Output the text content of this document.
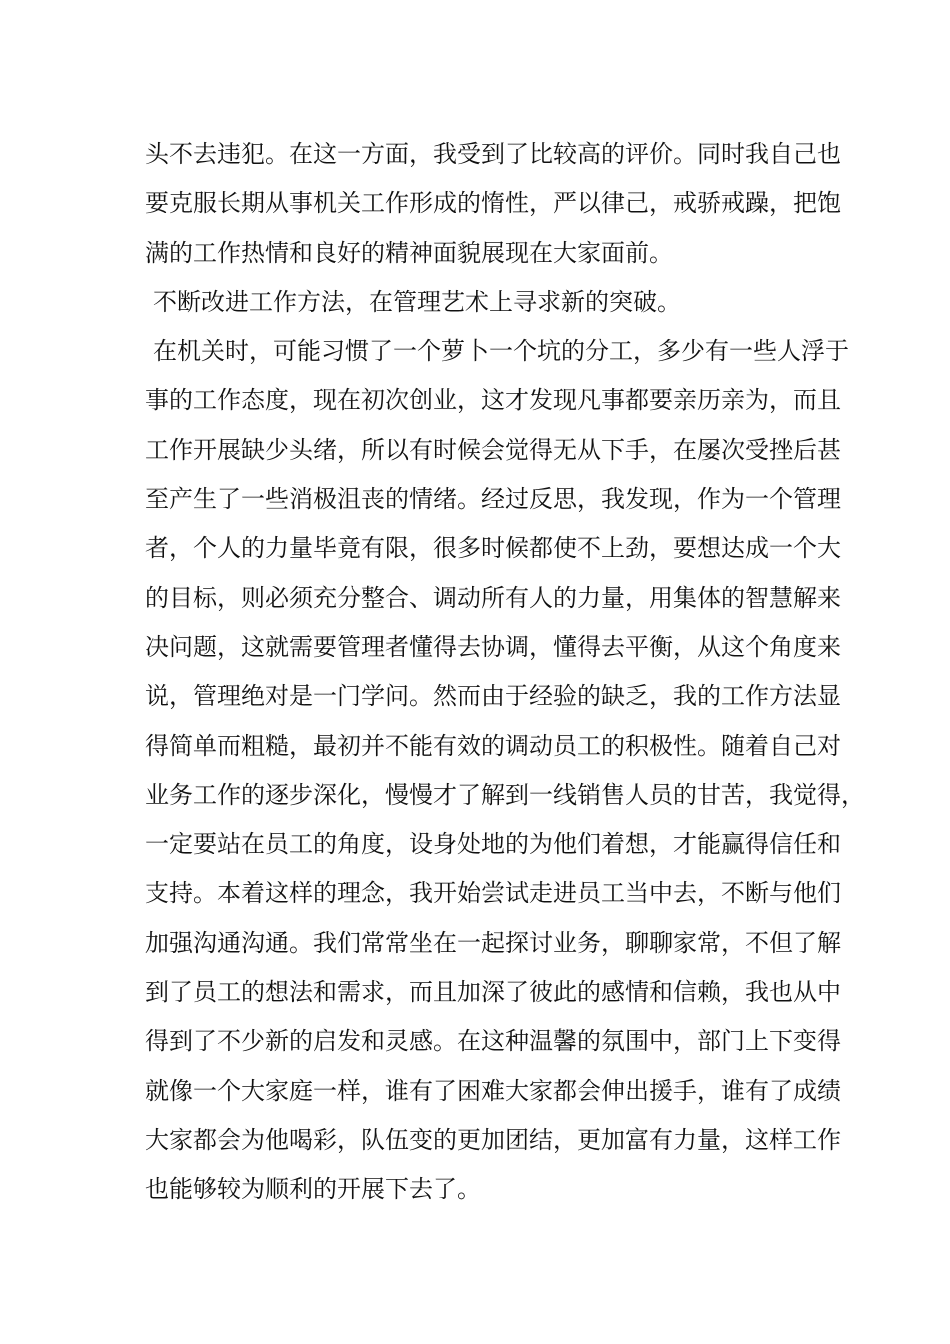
头不去违犯。在这一方面，我受到了比较高的评价。同时我自己也
要克服长期从事机关工作形成的惰性，严以律己，戒骄戒躁，把饱
满的工作热情和良好的精神面貌展现在大家面前。
不断改进工作方法，在管理艺术上寻求新的突破。
在机关时，可能习惯了一个萝卜一个坑的分工，多少有一些人浮于
事的工作态度，现在初次创业，这才发现凡事都要亲历亲为，而且
工作开展缺少头绪，所以有时候会觉得无从下手，在屡次受挫后甚
至产生了一些消极沮丧的情绪。经过反思，我发现，作为一个管理
者，个人的力量毕竟有限，很多时候都使不上劲，要想达成一个大
的目标，则必须充分整合、调动所有人的力量，用集体的智慧解来
决问题，这就需要管理者懂得去协调，懂得去平衡，从这个角度来
说，管理绝对是一门学问。然而由于经验的缺乏，我的工作方法显
得简单而粗糙，最初并不能有效的调动员工的积极性。随着自己对
业务工作的逐步深化，慢慢才了解到一线销售人员的甘苦，我觉得，
一定要站在员工的角度，设身处地的为他们着想，才能赢得信任和
支持。本着这样的理念，我开始尝试走进员工当中去，不断与他们
加强沟通沟通。我们常常坐在一起探讨业务，聊聊家常，不但了解
到了员工的想法和需求，而且加深了彼此的感情和信赖，我也从中
得到了不少新的启发和灵感。在这种温馨的氛围中，部门上下变得
就像一个大家庭一样，谁有了困难大家都会伸出援手，谁有了成绩
大家都会为他喝彩，队伍变的更加团结，更加富有力量，这样工作
也能够较为顺利的开展下去了。
